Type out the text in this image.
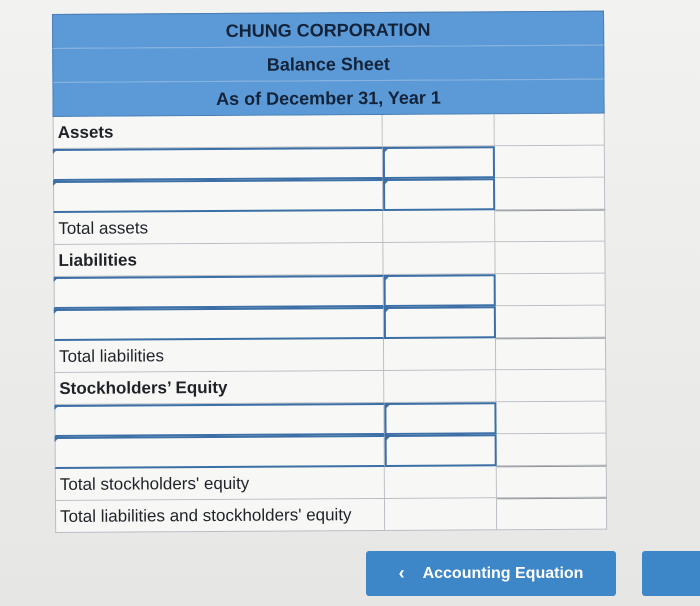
CHUNG CORPORATION
Balance Sheet
As of December 31, Year 1
Assets
Total assets
Liabilities
Total liabilities
Stockholders’ Equity
Total stockholders' equity
Total liabilities and stockholders' equity
‹ Accounting Equation
